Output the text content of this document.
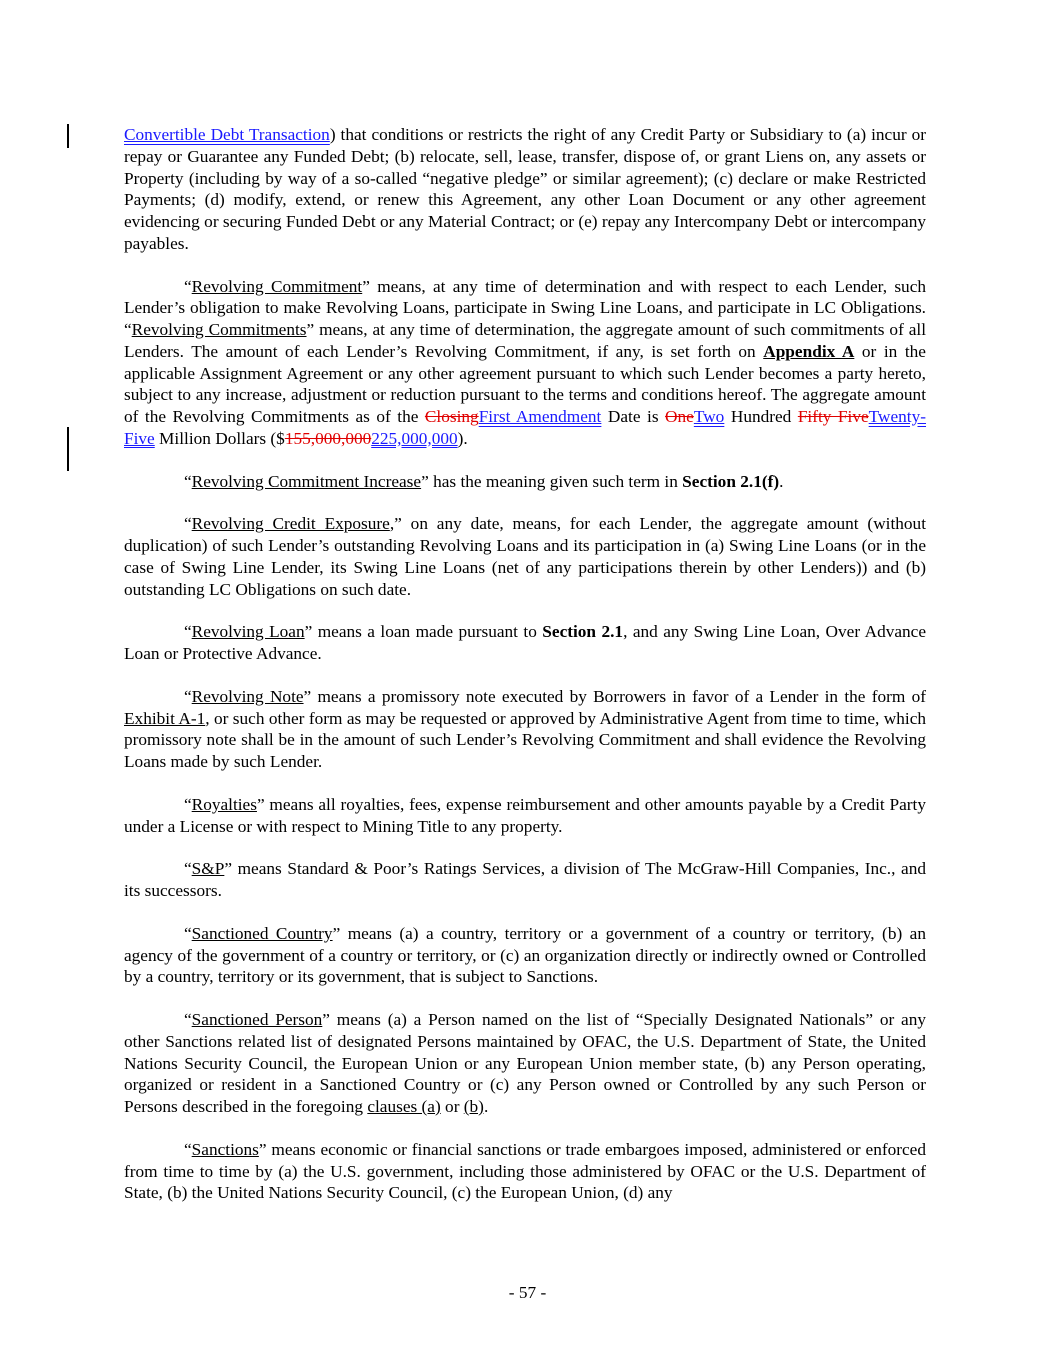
Convertible Debt Transaction) that conditions or restricts the right of any Credit Party or Subsidiary to (a) incur or repay or Guarantee any Funded Debt; (b) relocate, sell, lease, transfer, dispose of, or grant Liens on, any assets or Property (including by way of a so-called “negative pledge” or similar agreement); (c) declare or make Restricted Payments; (d) modify, extend, or renew this Agreement, any other Loan Document or any other agreement evidencing or securing Funded Debt or any Material Contract; or (e) repay any Intercompany Debt or intercompany payables.

“Revolving Commitment” means, at any time of determination and with respect to each Lender, such Lender’s obligation to make Revolving Loans, participate in Swing Line Loans, and participate in LC Obligations. “Revolving Commitments” means, at any time of determination, the aggregate amount of such commitments of all Lenders. The amount of each Lender’s Revolving Commitment, if any, is set forth on Appendix A or in the applicable Assignment Agreement or any other agreement pursuant to which such Lender becomes a party hereto, subject to any increase, adjustment or reduction pursuant to the terms and conditions hereof. The aggregate amount of the Revolving Commitments as of the ClosingFirst Amendment Date is OneTwo Hundred Fifty FiveTwenty-Five Million Dollars ($155,000,000225,000,000).

“Revolving Commitment Increase” has the meaning given such term in Section 2.1(f).

“Revolving Credit Exposure,” on any date, means, for each Lender, the aggregate amount (without duplication) of such Lender’s outstanding Revolving Loans and its participation in (a) Swing Line Loans (or in the case of Swing Line Lender, its Swing Line Loans (net of any participations therein by other Lenders)) and (b) outstanding LC Obligations on such date.

“Revolving Loan” means a loan made pursuant to Section 2.1, and any Swing Line Loan, Over Advance Loan or Protective Advance.

“Revolving Note” means a promissory note executed by Borrowers in favor of a Lender in the form of Exhibit A-1, or such other form as may be requested or approved by Administrative Agent from time to time, which promissory note shall be in the amount of such Lender’s Revolving Commitment and shall evidence the Revolving Loans made by such Lender.

“Royalties” means all royalties, fees, expense reimbursement and other amounts payable by a Credit Party under a License or with respect to Mining Title to any property.

“S&P” means Standard & Poor’s Ratings Services, a division of The McGraw-Hill Companies, Inc., and its successors.

“Sanctioned Country” means (a) a country, territory or a government of a country or territory, (b) an agency of the government of a country or territory, or (c) an organization directly or indirectly owned or Controlled by a country, territory or its government, that is subject to Sanctions.

“Sanctioned Person” means (a) a Person named on the list of “Specially Designated Nationals” or any other Sanctions related list of designated Persons maintained by OFAC, the U.S. Department of State, the United Nations Security Council, the European Union or any European Union member state, (b) any Person operating, organized or resident in a Sanctioned Country or (c) any Person owned or Controlled by any such Person or Persons described in the foregoing clauses (a) or (b).

“Sanctions” means economic or financial sanctions or trade embargoes imposed, administered or enforced from time to time by (a) the U.S. government, including those administered by OFAC or the U.S. Department of State, (b) the United Nations Security Council, (c) the European Union, (d) any

- 57 -
